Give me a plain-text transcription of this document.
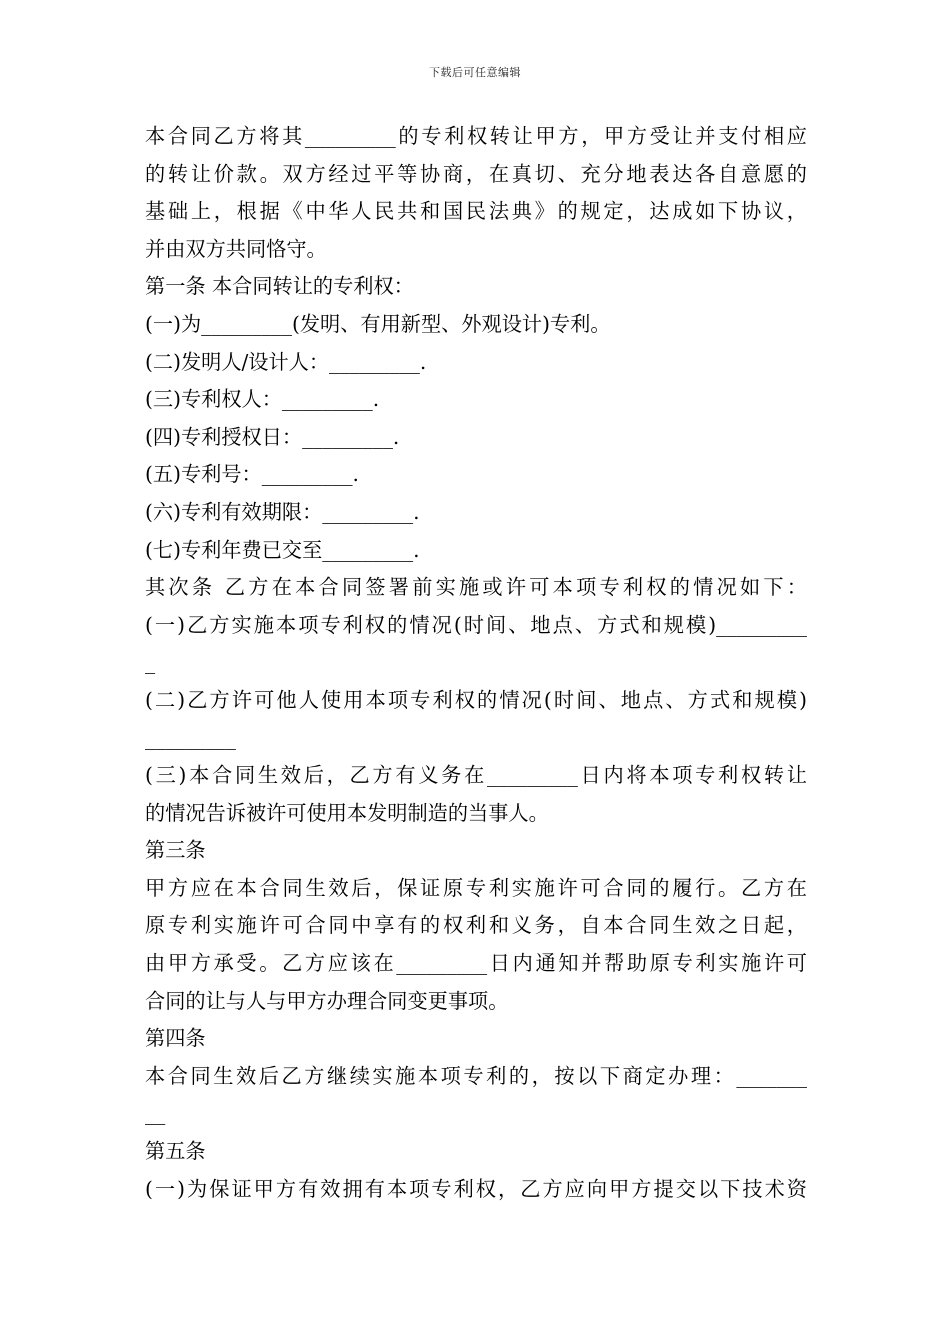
下载后可任意编辑
本合同乙方将其_________的专利权转让甲方，甲方受让并支付相应
的转让价款。双方经过平等协商，在真切、充分地表达各自意愿的
基础上，根据《中华人民共和国民法典》的规定，达成如下协议，
并由双方共同恪守。
第一条 本合同转让的专利权：
(一)为_________(发明、有用新型、外观设计)专利。
(二)发明人/设计人：_________.
(三)专利权人：_________.
(四)专利授权日：_________.
(五)专利号：_________.
(六)专利有效期限：_________.
(七)专利年费已交至_________.
其次条 乙方在本合同签署前实施或许可本项专利权的情况如下：
(一)乙方实施本项专利权的情况(时间、地点、方式和规模)_________
_
(二)乙方许可他人使用本项专利权的情况(时间、地点、方式和规模)
_________
(三)本合同生效后，乙方有义务在_________日内将本项专利权转让
的情况告诉被许可使用本发明制造的当事人。
第三条
甲方应在本合同生效后，保证原专利实施许可合同的履行。乙方在
原专利实施许可合同中享有的权利和义务，自本合同生效之日起，
由甲方承受。乙方应该在_________日内通知并帮助原专利实施许可
合同的让与人与甲方办理合同变更事项。
第四条
本合同生效后乙方继续实施本项专利的，按以下商定办理：_______
__
第五条
(一)为保证甲方有效拥有本项专利权，乙方应向甲方提交以下技术资
